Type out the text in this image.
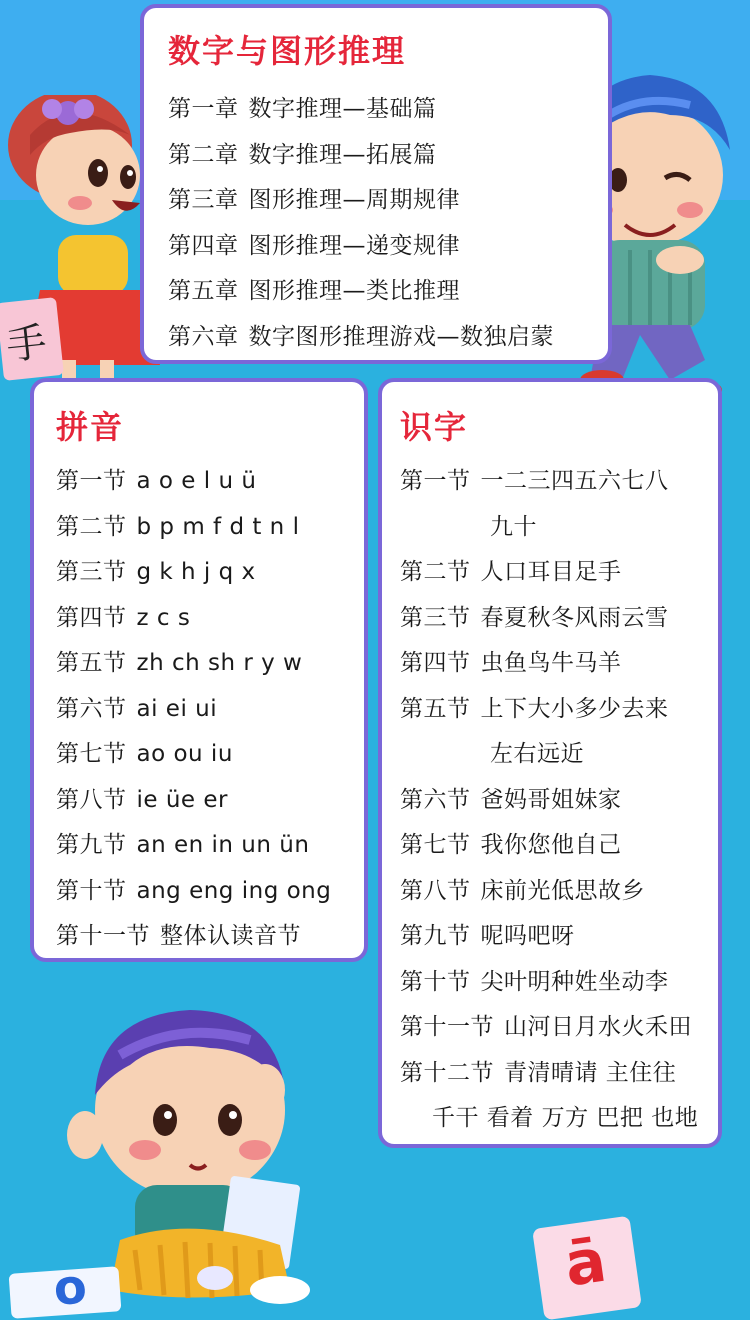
手
数字与图形推理
第一章 数字推理—基础篇
第二章 数字推理—拓展篇
第三章 图形推理—周期规律
第四章 图形推理—递变规律
第五章 图形推理—类比推理
第六章 数字图形推理游戏—数独启蒙
拼音
第一节 a o e l u ü
第二节 b p m f d t n l
第三节 g k h j q x
第四节 z c s
第五节 zh ch sh r y w
第六节 ai ei ui
第七节 ao ou iu
第八节 ie üe er
第九节 an en in un ün
第十节 ang eng ing ong
第十一节 整体认读音节
识字
第一节 一二三四五六七八
九十
第二节 人口耳目足手
第三节 春夏秋冬风雨云雪
第四节 虫鱼鸟牛马羊
第五节 上下大小多少去来
左右远近
第六节 爸妈哥姐妹家
第七节 我你您他自己
第八节 床前光低思故乡
第九节 呢吗吧呀
第十节 尖叶明种姓坐动李
第十一节 山河日月水火禾田
第十二节 青清晴请 主住往
千干 看着 万方 巴把 也地
o	ā
